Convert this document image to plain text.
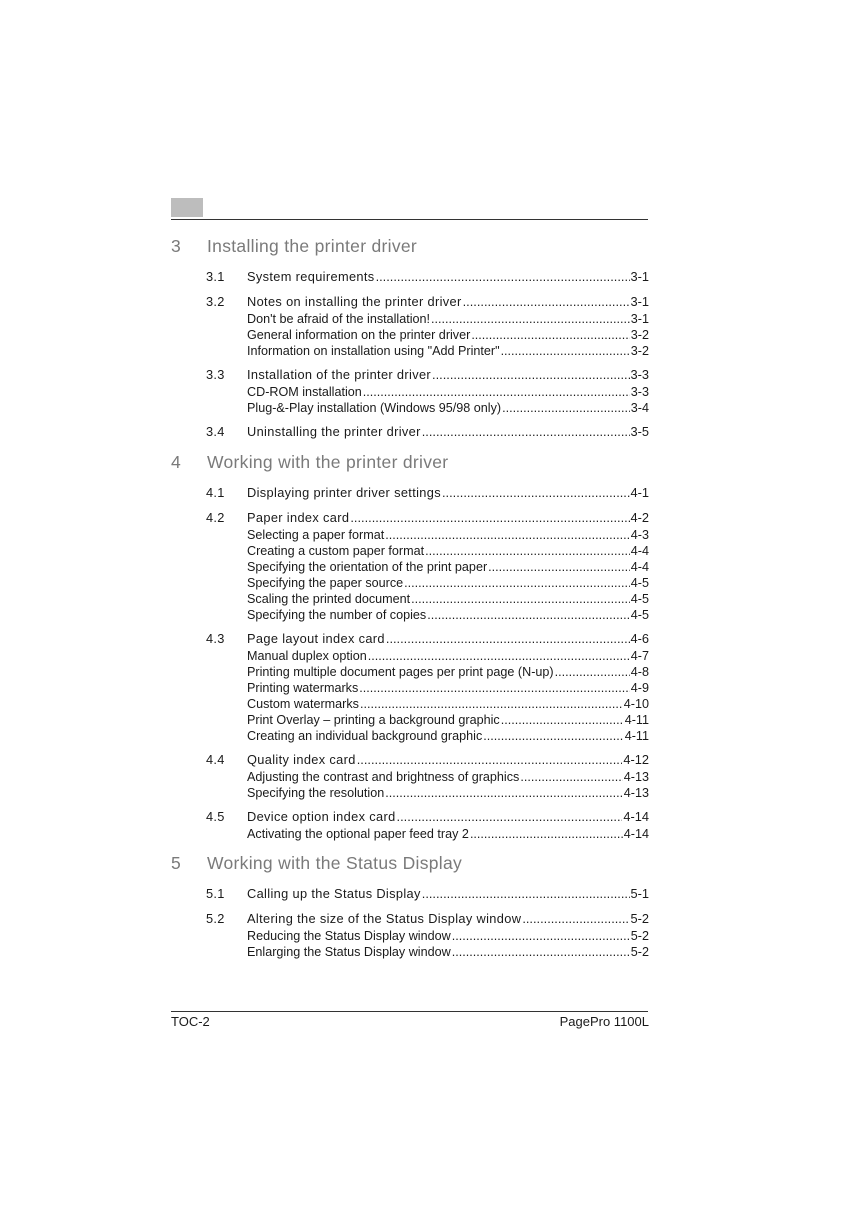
3	Installing the printer driver
3.1	System requirements .....	3-1
3.2	Notes on installing the printer driver .....	3-1
Don't be afraid of the installation! .....	3-1
General information on the printer driver .....	3-2
Information on installation using "Add Printer" .....	3-2
3.3	Installation of the printer driver .....	3-3
CD-ROM installation .....	3-3
Plug-&-Play installation (Windows 95/98 only) .....	3-4
3.4	Uninstalling the printer driver .....	3-5
4	Working with the printer driver
4.1	Displaying printer driver settings .....	4-1
4.2	Paper index card .....	4-2
Selecting a paper format .....	4-3
Creating a custom paper format .....	4-4
Specifying the orientation of the print paper .....	4-4
Specifying the paper source .....	4-5
Scaling the printed document .....	4-5
Specifying the number of copies .....	4-5
4.3	Page layout index card .....	4-6
Manual duplex option .....	4-7
Printing multiple document pages per print page (N-up) .....	4-8
Printing watermarks .....	4-9
Custom watermarks .....	4-10
Print Overlay – printing a background graphic .....	4-11
Creating an individual background graphic .....	4-11
4.4	Quality index card .....	4-12
Adjusting the contrast and brightness of graphics .....	4-13
Specifying the resolution .....	4-13
4.5	Device option index card .....	4-14
Activating the optional paper feed tray 2 .....	4-14
5	Working with the Status Display
5.1	Calling up the Status Display .....	5-1
5.2	Altering the size of the Status Display window .....	5-2
Reducing the Status Display window .....	5-2
Enlarging the Status Display window .....	5-2
TOC-2	PagePro 1100L
